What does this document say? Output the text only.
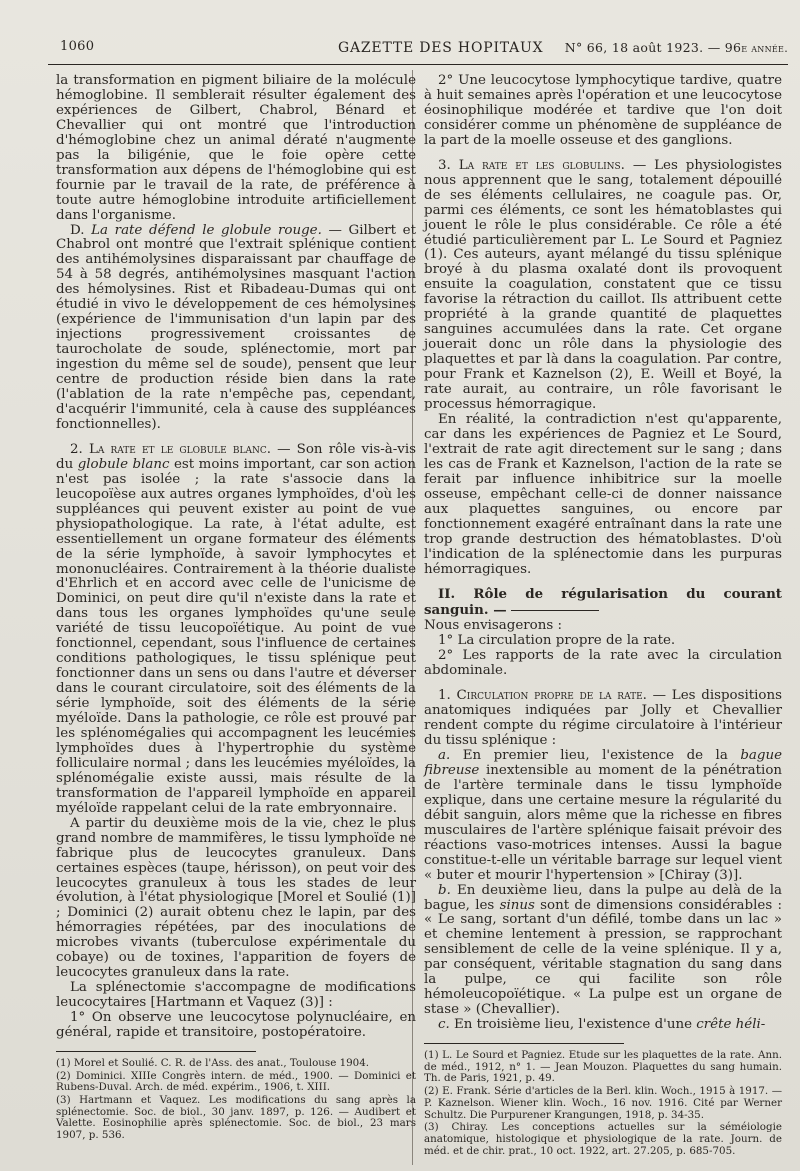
1060	GAZETTE DES HOPITAUX N° 66, 18 août 1923. — 96e année.

la transformation en pigment biliaire de la molécule hémoglobine. Il semblerait résulter également des expériences de Gilbert, Chabrol, Bénard et Chevallier qui ont montré que l'introduction d'hémoglobine chez un animal dératé n'augmente pas la biligénie, que le foie opère cette transformation aux dépens de l'hémoglobine qui est fournie par le travail de la rate, de préférence à toute autre hémoglobine introduite artificiellement dans l'organisme.

D. La rate défend le globule rouge. — Gilbert et Chabrol ont montré que l'extrait splénique contient des antihémolysines disparaissant par chauffage de 54 à 58 degrés, antihémolysines masquant l'action des hémolysines. Rist et Ribadeau-Dumas qui ont étudié in vivo le développement de ces hémolysines (expérience de l'immunisation d'un lapin par des injections progressivement croissantes de taurocholate de soude, splénectomie, mort par ingestion du même sel de soude), pensent que leur centre de production réside bien dans la rate (l'ablation de la rate n'empêche pas, cependant, d'acquérir l'immunité, cela à cause des suppléances fonctionnelles).

2. La rate et le globule blanc. — Son rôle vis-à-vis du globule blanc est moins important, car son action n'est pas isolée ; la rate s'associe dans la leucopoïèse aux autres organes lymphoïdes, d'où les suppléances qui peuvent exister au point de vue physiopathologique. La rate, à l'état adulte, est essentiellement un organe formateur des éléments de la série lymphoïde, à savoir lymphocytes et mononucléaires. Contrairement à la théorie dualiste d'Ehrlich et en accord avec celle de l'unicisme de Dominici, on peut dire qu'il n'existe dans la rate et dans tous les organes lymphoïdes qu'une seule variété de tissu leucopoïétique. Au point de vue fonctionnel, cependant, sous l'influence de certaines conditions pathologiques, le tissu splénique peut fonctionner dans un sens ou dans l'autre et déverser dans le courant circulatoire, soit des éléments de la série lymphoïde, soit des éléments de la série myéloïde. Dans la pathologie, ce rôle est prouvé par les splénomégalies qui accompagnent les leucémies lymphoïdes dues à l'hypertrophie du système folliculaire normal ; dans les leucémies myéloïdes, la splénomégalie existe aussi, mais résulte de la transformation de l'appareil lymphoïde en appareil myéloïde rappelant celui de la rate embryonnaire.

A partir du deuxième mois de la vie, chez le plus grand nombre de mammifères, le tissu lymphoïde ne fabrique plus de leucocytes granuleux. Dans certaines espèces (taupe, hérisson), on peut voir des leucocytes granuleux à tous les stades de leur évolution, à l'état physiologique [Morel et Soulié (1)] ; Dominici (2) aurait obtenu chez le lapin, par des hémorragies répétées, par des inoculations de microbes vivants (tuberculose expérimentale du cobaye) ou de toxines, l'apparition de foyers de leucocytes granuleux dans la rate.

La splénectomie s'accompagne de modifications leucocytaires [Hartmann et Vaquez (3)] :

1° On observe une leucocytose polynucléaire, en général, rapide et transitoire, postopératoire.

(1) Morel et Soulié. C. R. de l'Ass. des anat., Toulouse 1904.
(2) Dominici. XIIIe Congrès intern. de méd., 1900. — Dominici et Rubens-Duval. Arch. de méd. expérim., 1906, t. XIII.
(3) Hartmann et Vaquez. Les modifications du sang après la splénectomie. Soc. de biol., 30 janv. 1897, p. 126. — Audibert et Valette. Eosinophilie après splénectomie. Soc. de biol., 23 mars 1907, p. 536.

2° Une leucocytose lymphocytique tardive, quatre à huit semaines après l'opération et une leucocytose éosinophilique modérée et tardive que l'on doit considérer comme un phénomène de suppléance de la part de la moelle osseuse et des ganglions.

3. La rate et les globulins. — Les physiologistes nous apprennent que le sang, totalement dépouillé de ses éléments cellulaires, ne coagule pas. Or, parmi ces éléments, ce sont les hématoblastes qui jouent le rôle le plus considérable. Ce rôle a été étudié particulièrement par L. Le Sourd et Pagniez (1). Ces auteurs, ayant mélangé du tissu splénique broyé à du plasma oxalaté dont ils provoquent ensuite la coagulation, constatent que ce tissu favorise la rétraction du caillot. Ils attribuent cette propriété à la grande quantité de plaquettes sanguines accumulées dans la rate. Cet organe jouerait donc un rôle dans la physiologie des plaquettes et par là dans la coagulation. Par contre, pour Frank et Kaznelson (2), E. Weill et Boyé, la rate aurait, au contraire, un rôle favorisant le processus hémorragique.

En réalité, la contradiction n'est qu'apparente, car dans les expériences de Pagniez et Le Sourd, l'extrait de rate agit directement sur le sang ; dans les cas de Frank et Kaznelson, l'action de la rate se ferait par influence inhibitrice sur la moelle osseuse, empêchant celle-ci de donner naissance aux plaquettes sanguines, ou encore par fonctionnement exagéré entraînant dans la rate une trop grande destruction des hématoblastes. D'où l'indication de la splénectomie dans les purpuras hémorragiques.

II. Rôle de régularisation du courant sanguin. —

Nous envisagerons :

1° La circulation propre de la rate.

2° Les rapports de la rate avec la circulation abdominale.

1. Circulation propre de la rate. — Les dispositions anatomiques indiquées par Jolly et Chevallier rendent compte du régime circulatoire à l'intérieur du tissu splénique :

a. En premier lieu, l'existence de la bague fibreuse inextensible au moment de la pénétration de l'artère terminale dans le tissu lymphoïde explique, dans une certaine mesure la régularité du débit sanguin, alors même que la richesse en fibres musculaires de l'artère splénique faisait prévoir des réactions vaso-motrices intenses. Aussi la bague constitue-t-elle un véritable barrage sur lequel vient « buter et mourir l'hypertension » [Chiray (3)].

b. En deuxième lieu, dans la pulpe au delà de la bague, les sinus sont de dimensions considérables : « Le sang, sortant d'un défilé, tombe dans un lac » et chemine lentement à pression, se rapprochant sensiblement de celle de la veine splénique. Il y a, par conséquent, véritable stagnation du sang dans la pulpe, ce qui facilite son rôle hémoleucopoïétique. « La pulpe est un organe de stase » (Chevallier).

c. En troisième lieu, l'existence d'une crête héli-

(1) L. Le Sourd et Pagniez. Etude sur les plaquettes de la rate. Ann. de méd., 1912, n° 1. — Jean Mouzon. Plaquettes du sang humain. Th. de Paris, 1921, p. 49.
(2) E. Frank. Série d'articles de la Berl. klin. Woch., 1915 à 1917. — P. Kaznelson. Wiener klin. Woch., 16 nov. 1916. Cité par Werner Schultz. Die Purpurener Krangungen, 1918, p. 34-35.
(3) Chiray. Les conceptions actuelles sur la séméiologie anatomique, histologique et physiologique de la rate. Journ. de méd. et de chir. prat., 10 oct. 1922, art. 27.205, p. 685-705.
